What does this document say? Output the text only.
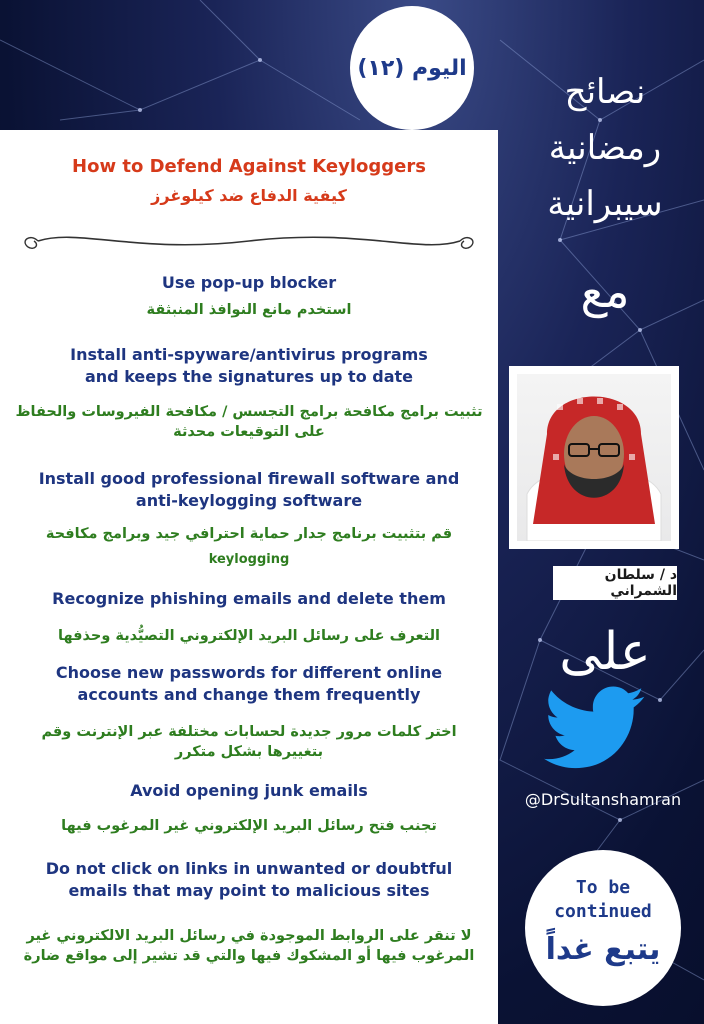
اليوم (١٢)
How to Defend Against Keyloggers
كيفية الدفاع ضد كيلوغرز
Use pop-up blocker
استخدم مانع النوافذ المنبثقة
Install anti-spyware/antivirus programs
and keeps the signatures up to date
تثبيت برامج مكافحة برامج التجسس / مكافحة الفيروسات والحفاظ
على التوقيعات محدثة
Install good professional firewall software and
anti-keylogging software
قم بتثبيت برنامج جدار حماية احترافي جيد وبرامج مكافحة
keylogging
Recognize phishing emails and delete them
التعرف على رسائل البريد الإلكتروني التصيُّدية وحذفها
Choose new passwords for different online
accounts and change them frequently
اختر كلمات مرور جديدة لحسابات مختلفة عبر الإنترنت وقم
بتغييرها بشكل متكرر
Avoid opening junk emails
تجنب فتح رسائل البريد الإلكتروني غير المرغوب فيها
Do not click on links in unwanted or doubtful
emails that may point to malicious sites
لا تنقر على الروابط الموجودة في رسائل البريد الالكتروني غير
المرغوب فيها أو المشكوك فيها والتي قد تشير إلى مواقع ضارة
نصائح
رمضانية
سيبرانية
مع
د / سلطان الشمراني
على
@DrSultanshamran
To be
continued
يتبع غداً
